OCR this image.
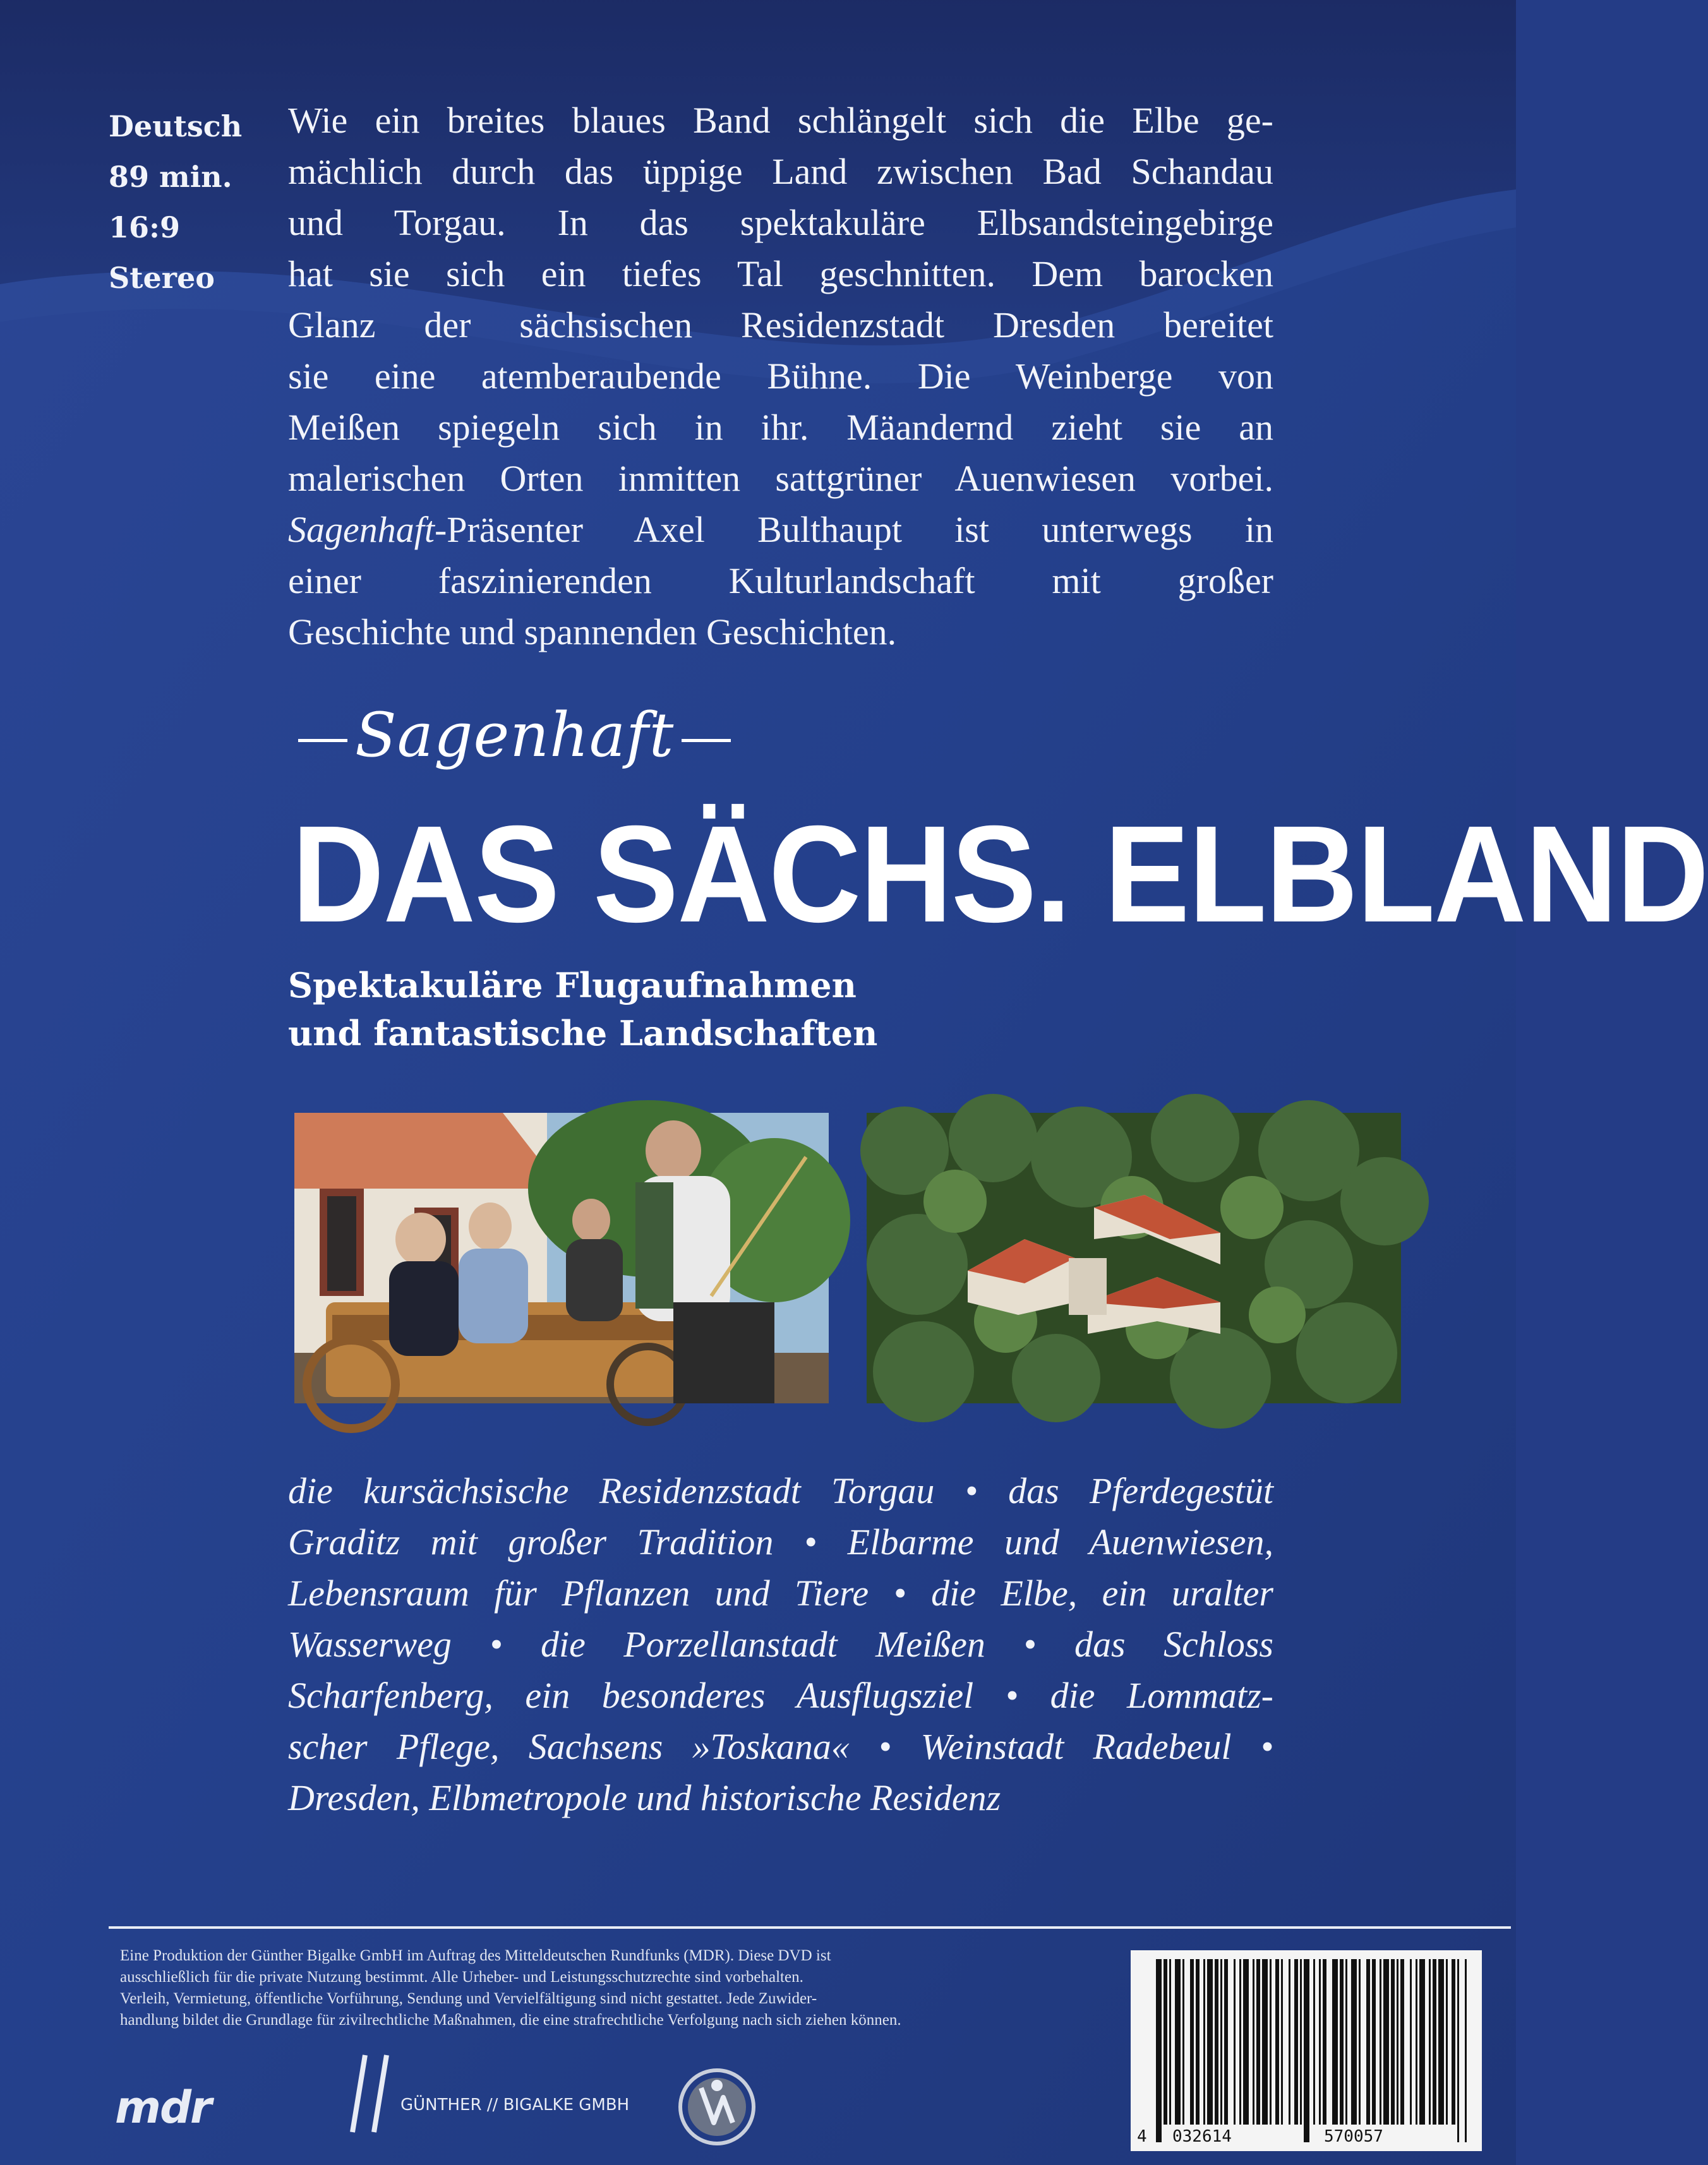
Deutsch
89 min.
16:9
Stereo
Wie ein breites blaues Band schlängelt sich die Elbe ge-
mächlich durch das üppige Land zwischen Bad Schandau
und Torgau. In das spektakuläre Elbsandsteingebirge
hat sie sich ein tiefes Tal geschnitten. Dem barocken
Glanz der sächsischen Residenzstadt Dresden bereitet
sie eine atemberaubende Bühne. Die Weinberge von
Meißen spiegeln sich in ihr. Mäandernd zieht sie an
malerischen Orten inmitten sattgrüner Auenwiesen vorbei.
Sagenhaft-Präsenter Axel Bulthaupt ist unterwegs in
einer faszinierenden Kulturlandschaft mit großer
Geschichte und spannenden Geschichten.
Sagenhaft
DAS SÄCHS. ELBLAND
Spektakuläre Flugaufnahmen
und fantastische Landschaften
die kursächsische Residenzstadt Torgau • das Pferdegestüt
Graditz mit großer Tradition • Elbarme und Auenwiesen,
Lebensraum für Pflanzen und Tiere • die Elbe, ein uralter
Wasserweg • die Porzellanstadt Meißen • das Schloss
Scharfenberg, ein besonderes Ausflugsziel • die Lommatz-
scher Pflege, Sachsens »Toskana« • Weinstadt Radebeul •
Dresden, Elbmetropole und historische Residenz
Eine Produktion der Günther Bigalke GmbH im Auftrag des Mitteldeutschen Rundfunks (MDR). Diese DVD ist
ausschließlich für die private Nutzung bestimmt. Alle Urheber- und Leistungsschutzrechte sind vorbehalten.
Verleih, Vermietung, öffentliche Vorführung, Sendung und Vervielfältigung sind nicht gestattet. Jede Zuwider-
handlung bildet die Grundlage für zivilrechtliche Maßnahmen, die eine strafrechtliche Verfolgung nach sich ziehen können.
mdr	GÜNTHER // BIGALKE GMBH
4 032614	570057
